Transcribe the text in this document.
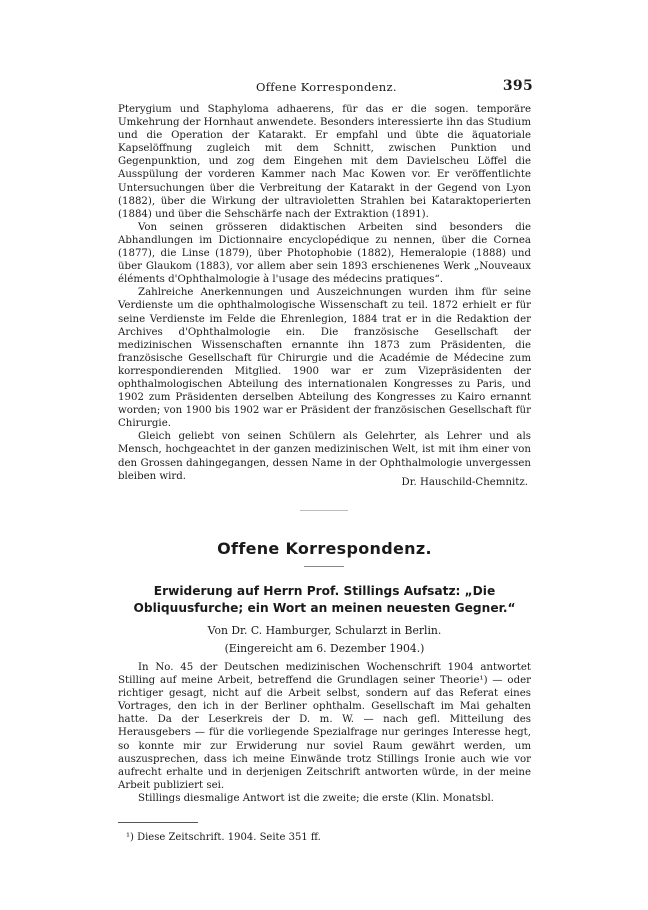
Offene Korrespondenz.	395

Pterygium und Staphyloma adhaerens, für das er die sogen. temporäre Umkehrung der Hornhaut anwendete. Besonders interessierte ihn das Studium und die Operation der Katarakt. Er empfahl und übte die äquatoriale Kapselöffnung zugleich mit dem Schnitt, zwischen Punktion und Gegenpunktion, und zog dem Eingehen mit dem Davielscheu Löffel die Ausspülung der vorderen Kammer nach Mac Kowen vor. Er veröffentlichte Untersuchungen über die Verbreitung der Katarakt in der Gegend von Lyon (1882), über die Wirkung der ultravioletten Strahlen bei Kataraktoperierten (1884) und über die Sehschärfe nach der Extraktion (1891).

Von seinen grösseren didaktischen Arbeiten sind besonders die Abhandlungen im Dictionnaire encyclopédique zu nennen, über die Cornea (1877), die Linse (1879), über Photophobie (1882), Hemeralopie (1888) und über Glaukom (1883), vor allem aber sein 1893 erschienenes Werk „Nouveaux éléments d'Ophthalmologie à l'usage des médecins pratiques“.

Zahlreiche Anerkennungen und Auszeichnungen wurden ihm für seine Verdienste um die ophthalmologische Wissenschaft zu teil. 1872 erhielt er für seine Verdienste im Felde die Ehrenlegion, 1884 trat er in die Redaktion der Archives d'Ophthalmologie ein. Die französische Gesellschaft der medizinischen Wissenschaften ernannte ihn 1873 zum Präsidenten, die französische Gesellschaft für Chirurgie und die Académie de Médecine zum korrespondierenden Mitglied. 1900 war er zum Vizepräsidenten der ophthalmologischen Abteilung des internationalen Kongresses zu Paris, und 1902 zum Präsidenten derselben Abteilung des Kongresses zu Kairo ernannt worden; von 1900 bis 1902 war er Präsident der französischen Gesellschaft für Chirurgie.

Gleich geliebt von seinen Schülern als Gelehrter, als Lehrer und als Mensch, hochgeachtet in der ganzen medizinischen Welt, ist mit ihm einer von den Grossen dahingegangen, dessen Name in der Ophthalmologie unvergessen bleiben wird.

Dr. Hauschild-Chemnitz.
Offene Korrespondenz.
Erwiderung auf Herrn Prof. Stillings Aufsatz: „Die Obliquusfurche; ein Wort an meinen neuesten Gegner.“
Von Dr. C. Hamburger, Schularzt in Berlin.
(Eingereicht am 6. Dezember 1904.)

In No. 45 der Deutschen medizinischen Wochenschrift 1904 antwortet Stilling auf meine Arbeit, betreffend die Grundlagen seiner Theorie¹) — oder richtiger gesagt, nicht auf die Arbeit selbst, sondern auf das Referat eines Vortrages, den ich in der Berliner ophthalm. Gesellschaft im Mai gehalten hatte. Da der Leserkreis der D. m. W. — nach gefl. Mitteilung des Herausgebers — für die vorliegende Spezialfrage nur geringes Interesse hegt, so konnte mir zur Erwiderung nur soviel Raum gewährt werden, um auszusprechen, dass ich meine Einwände trotz Stillings Ironie auch wie vor aufrecht erhalte und in derjenigen Zeitschrift antworten würde, in der meine Arbeit publiziert sei.

Stillings diesmalige Antwort ist die zweite; die erste (Klin. Monatsbl.

¹) Diese Zeitschrift. 1904. Seite 351 ff.
